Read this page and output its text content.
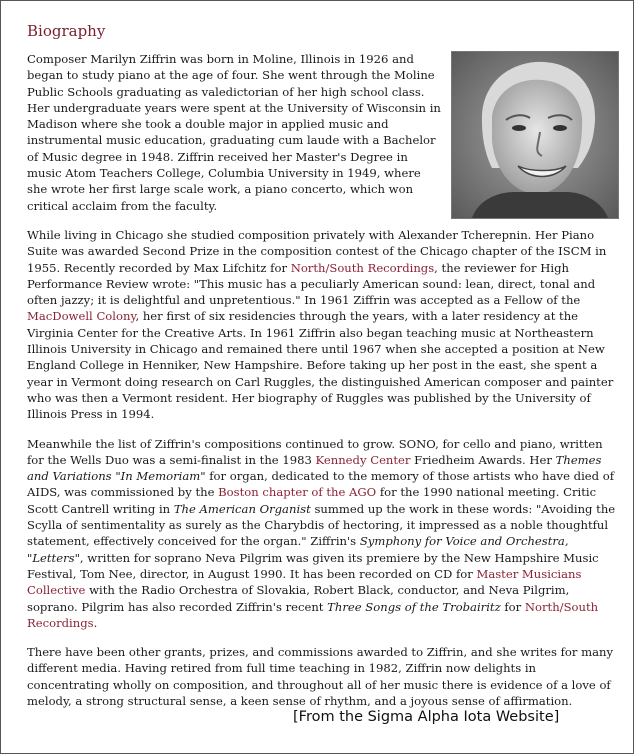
Biography

Composer Marilyn Ziffrin was born in Moline, Illinois in 1926 and began to study piano at the age of four. She went through the Moline Public Schools graduating as valedictorian of her high school class. Her undergraduate years were spent at the University of Wisconsin in Madison where she took a double major in applied music and instrumental music education, graduating cum laude with a Bachelor of Music degree in 1948. Ziffrin received her Master's Degree in music Atom Teachers College, Columbia University in 1949, where she wrote her first large scale work, a piano concerto, which won critical acclaim from the faculty.

While living in Chicago she studied composition privately with Alexander Tcherepnin. Her Piano Suite was awarded Second Prize in the composition contest of the Chicago chapter of the ISCM in 1955. Recently recorded by Max Lifchitz for North/South Recordings, the reviewer for High Performance Review wrote: "This music has a peculiarly American sound: lean, direct, tonal and often jazzy; it is delightful and unpretentious." In 1961 Ziffrin was accepted as a Fellow of the MacDowell Colony, her first of six residencies through the years, with a later residency at the Virginia Center for the Creative Arts. In 1961 Ziffrin also began teaching music at Northeastern Illinois University in Chicago and remained there until 1967 when she accepted a position at New England College in Henniker, New Hampshire. Before taking up her post in the east, she spent a year in Vermont doing research on Carl Ruggles, the distinguished American composer and painter who was then a Vermont resident. Her biography of Ruggles was published by the University of Illinois Press in 1994.

Meanwhile the list of Ziffrin's compositions continued to grow. SONO, for cello and piano, written for the Wells Duo was a semi-finalist in the 1983 Kennedy Center Friedheim Awards. Her Themes and Variations "In Memoriam" for organ, dedicated to the memory of those artists who have died of AIDS, was commissioned by the Boston chapter of the AGO for the 1990 national meeting. Critic Scott Cantrell writing in The American Organist summed up the work in these words: "Avoiding the Scylla of sentimentality as surely as the Charybdis of hectoring, it impressed as a noble thoughtful statement, effectively conceived for the organ." Ziffrin's Symphony for Voice and Orchestra, "Letters", written for soprano Neva Pilgrim was given its premiere by the New Hampshire Music Festival, Tom Nee, director, in August 1990. It has been recorded on CD for Master Musicians Collective with the Radio Orchestra of Slovakia, Robert Black, conductor, and Neva Pilgrim, soprano. Pilgrim has also recorded Ziffrin's recent Three Songs of the Trobairitz for North/South Recordings.

There have been other grants, prizes, and commissions awarded to Ziffrin, and she writes for many different media. Having retired from full time teaching in 1982, Ziffrin now delights in concentrating wholly on composition, and throughout all of her music there is evidence of a love of melody, a strong structural sense, a keen sense of rhythm, and a joyous sense of affirmation.

[From the Sigma Alpha Iota Website]
